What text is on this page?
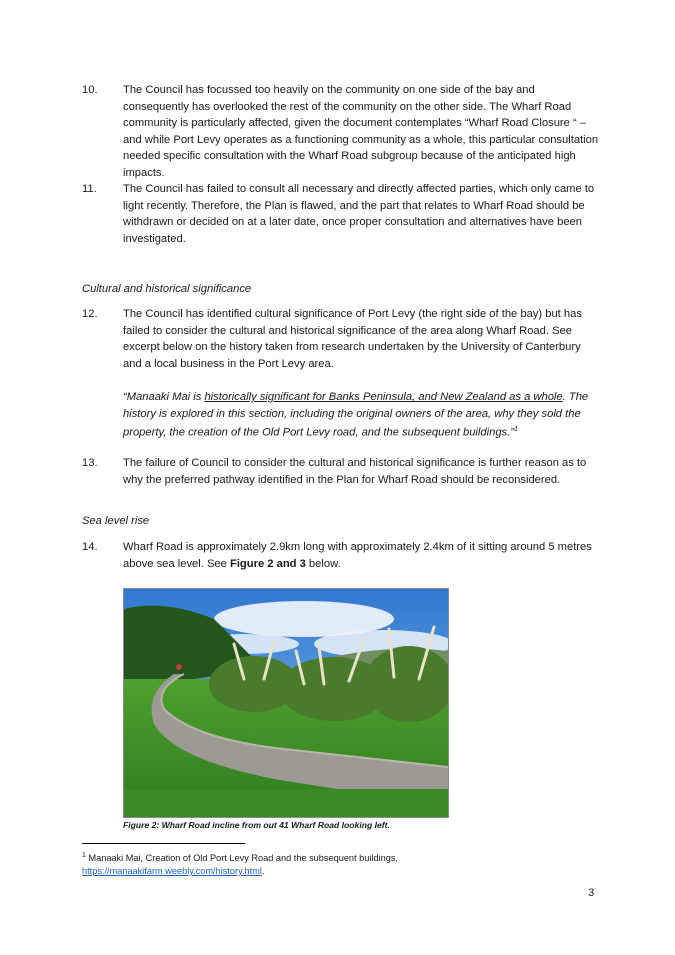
10. The Council has focussed too heavily on the community on one side of the bay and consequently has overlooked the rest of the community on the other side. The Wharf Road community is particularly affected, given the document contemplates “Wharf Road Closure “ – and while Port Levy operates as a functioning community as a whole, this particular consultation needed specific consultation with the Wharf Road subgroup because of the anticipated high impacts.
11. The Council has failed to consult all necessary and directly affected parties, which only came to light recently. Therefore, the Plan is flawed, and the part that relates to Wharf Road should be withdrawn or decided on at a later date, once proper consultation and alternatives have been investigated.
Cultural and historical significance
12. The Council has identified cultural significance of Port Levy (the right side of the bay) but has failed to consider the cultural and historical significance of the area along Wharf Road. See excerpt below on the history taken from research undertaken by the University of Canterbury and a local business in the Port Levy area.
“Manaaki Mai is historically significant for Banks Peninsula, and New Zealand as a whole. The history is explored in this section, including the original owners of the area, why they sold the property, the creation of the Old Port Levy road, and the subsequent buildings.”$^1$
13. The failure of Council to consider the cultural and historical significance is further reason as to why the preferred pathway identified in the Plan for Wharf Road should be reconsidered.
Sea level rise
14. Wharf Road is approximately 2.9km long with approximately 2.4km of it sitting around 5 metres above sea level. See Figure 2 and 3 below.
Figure 2: Wharf Road incline from out 41 Wharf Road looking left.
$^1$ Manaaki Mai, Creation of Old Port Levy Road and the subsequent buildings,
https://manaakifarm.weebly.com/history.html.
3
